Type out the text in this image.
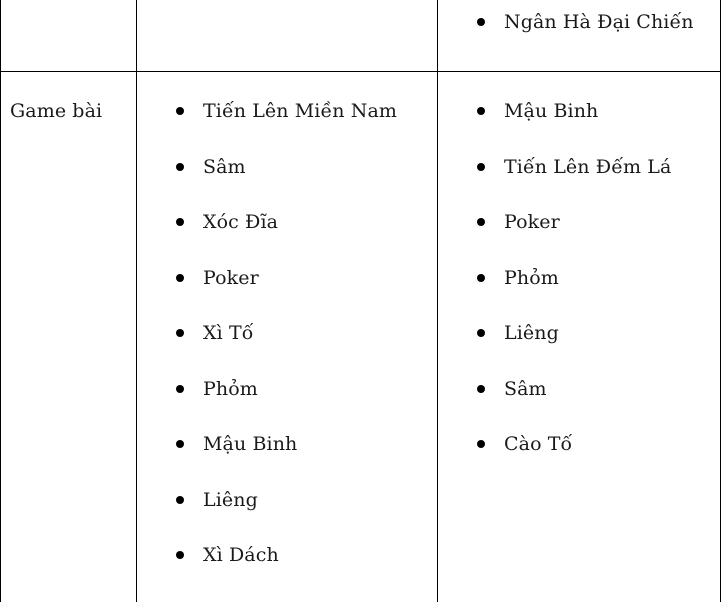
Ngân Hà Đại Chiến
Game bài	Tiến Lên Miền Nam
Sâm
Xóc Đĩa
Poker
Xì Tố
Phỏm
Mậu Binh
Liêng
Xì Dách
Mậu Binh
Tiến Lên Đếm Lá
Poker
Phỏm
Liêng
Sâm
Cào Tố
